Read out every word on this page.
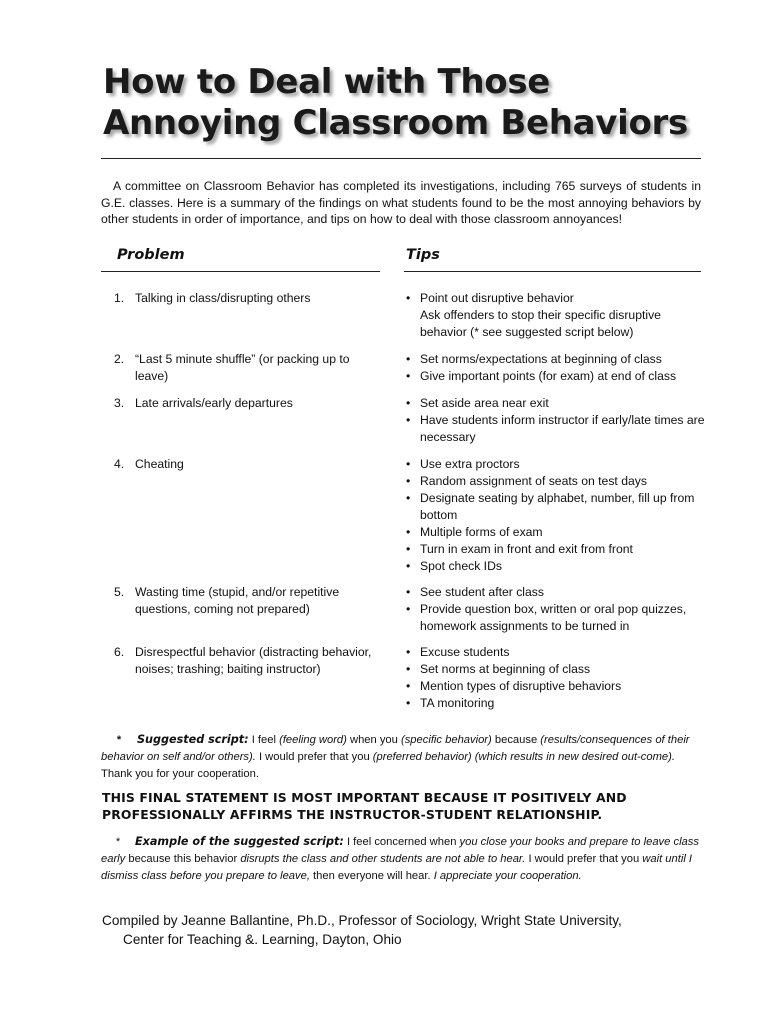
How to Deal with Those
Annoying Classroom Behaviors
A committee on Classroom Behavior has completed its investigations, including 765 surveys of students in G.E. classes. Here is a summary of the findings on what students found to be the most annoying behaviors by other students in order of importance, and tips on how to deal with those classroom annoyances!
Problem	Tips
1. Talking in class/disrupting others	• Point out disruptive behavior
Ask offenders to stop their specific disruptive behavior (* see suggested script below)
2. “Last 5 minute shuffle” (or packing up to leave)
• Set norms/expectations at beginning of class
• Give important points (for exam) at end of class
3. Late arrivals/early departures	• Set aside area near exit
• Have students inform instructor if early/late times are necessary
4. Cheating	• Use extra proctors
• Random assignment of seats on test days
• Designate seating by alphabet, number, fill up from bottom
• Multiple forms of exam
• Turn in exam in front and exit from front
• Spot check IDs
5. Wasting time (stupid, and/or repetitive questions, coming not prepared)
• See student after class
• Provide question box, written or oral pop quizzes, homework assignments to be turned in
6. Disrespectful behavior (distracting behavior, noises; trashing; baiting instructor)
• Excuse students
• Set norms at beginning of class
• Mention types of disruptive behaviors
• TA monitoring
* Suggested script: I feel (feeling word) when you (specific behavior) because (results/consequences of their behavior on self and/or others). I would prefer that you (preferred behavior) (which results in new desired out-come). Thank you for your cooperation.
THIS FINAL STATEMENT IS MOST IMPORTANT BECAUSE IT POSITIVELY AND PROFESSIONALLY AFFIRMS THE INSTRUCTOR-STUDENT RELATIONSHIP.
* Example of the suggested script: I feel concerned when you close your books and prepare to leave class early because this behavior disrupts the class and other students are not able to hear. I would prefer that you wait until I dismiss class before you prepare to leave, then everyone will hear. I appreciate your cooperation.
Compiled by Jeanne Ballantine, Ph.D., Professor of Sociology, Wright State University,
Center for Teaching &. Learning, Dayton, Ohio
